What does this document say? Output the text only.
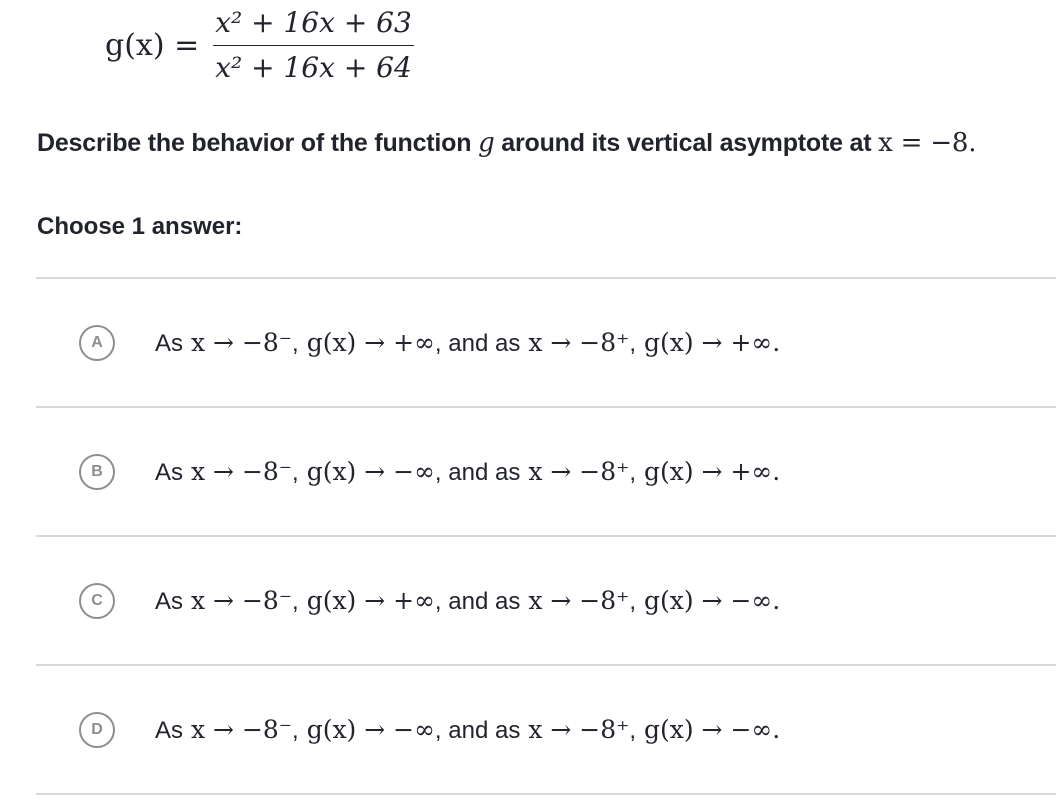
$g(x) = \frac{\text{x² + 16x + 63}}{\text{x² + 16x + 64}}$
Describe the behavior of the function g around its vertical asymptote at x = −8.
Choose 1 answer:
A	As x → −8⁻ , g(x) → +∞ , and as x → −8⁺ , g(x) → +∞.
B	As x → −8⁻ , g(x) → −∞ , and as x → −8⁺ , g(x) → +∞.
C	As x → −8⁻ , g(x) → +∞ , and as x → −8⁺ , g(x) → −∞.
D	As x → −8⁻ , g(x) → −∞ , and as x → −8⁺ , g(x) → −∞.
